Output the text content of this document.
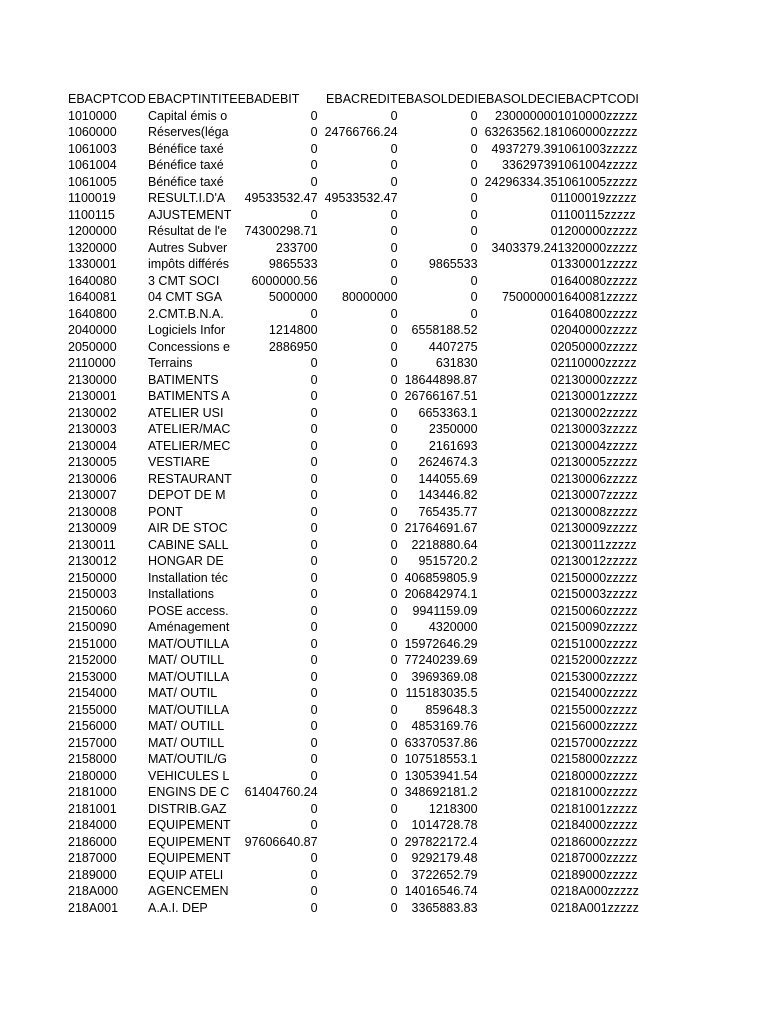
EBACPTCOD	EBACPTINTITE	EBADEBIT	EBACREDIT	EBASOLDEDI	EBASOLDECI	EBACPTCODI
1010000	Capital émis o	0	0	0	230000000	1010000zzzzz
1060000	Réserves(léga	0	24766766.24	0	63263562.18	1060000zzzzz
1061003	Bénéfice taxé	0	0	0	4937279.39	1061003zzzzz
1061004	Bénéfice taxé	0	0	0	33629739	1061004zzzzz
1061005	Bénéfice taxé	0	0	0	24296334.35	1061005zzzzz
1100019	RESULT.I.D'A	49533532.47	49533532.47	0	0	1100019zzzzz
1100115	AJUSTEMENT	0	0	0	0	1100115zzzzz
1200000	Résultat de l'e	74300298.71	0	0	0	1200000zzzzz
1320000	Autres Subver	233700	0	0	3403379.24	1320000zzzzz
1330001	impôts différés	9865533	0	9865533	0	1330001zzzzz
1640080	3 CMT SOCI	6000000.56	0	0	0	1640080zzzzz
1640081	04 CMT SGA	5000000	80000000	0	75000000	1640081zzzzz
1640800	2.CMT.B.N.A.	0	0	0	0	1640800zzzzz
2040000	Logiciels Infor	1214800	0	6558188.52	0	2040000zzzzz
2050000	Concessions e	2886950	0	4407275	0	2050000zzzzz
2110000	Terrains	0	0	631830	0	2110000zzzzz
2130000	BATIMENTS	0	0	18644898.87	0	2130000zzzzz
2130001	BATIMENTS A	0	0	26766167.51	0	2130001zzzzz
2130002	ATELIER USI	0	0	6653363.1	0	2130002zzzzz
2130003	ATELIER/MAC	0	0	2350000	0	2130003zzzzz
2130004	ATELIER/MEC	0	0	2161693	0	2130004zzzzz
2130005	VESTIARE	0	0	2624674.3	0	2130005zzzzz
2130006	RESTAURANT	0	0	144055.69	0	2130006zzzzz
2130007	DEPOT DE M	0	0	143446.82	0	2130007zzzzz
2130008	PONT	0	0	765435.77	0	2130008zzzzz
2130009	AIR DE STOC	0	0	21764691.67	0	2130009zzzzz
2130011	CABINE SALL	0	0	2218880.64	0	2130011zzzzz
2130012	HONGAR DE	0	0	9515720.2	0	2130012zzzzz
2150000	Installation téc	0	0	406859805.9	0	2150000zzzzz
2150003	Installations	0	0	206842974.1	0	2150003zzzzz
2150060	POSE access.	0	0	9941159.09	0	2150060zzzzz
2150090	Aménagement	0	0	4320000	0	2150090zzzzz
2151000	MAT/OUTILLA	0	0	15972646.29	0	2151000zzzzz
2152000	MAT/ OUTILL	0	0	77240239.69	0	2152000zzzzz
2153000	MAT/OUTILLA	0	0	3969369.08	0	2153000zzzzz
2154000	MAT/ OUTIL	0	0	115183035.5	0	2154000zzzzz
2155000	MAT/OUTILLA	0	0	859648.3	0	2155000zzzzz
2156000	MAT/ OUTILL	0	0	4853169.76	0	2156000zzzzz
2157000	MAT/ OUTILL	0	0	63370537.86	0	2157000zzzzz
2158000	MAT/OUTIL/G	0	0	107518553.1	0	2158000zzzzz
2180000	VEHICULES L	0	0	13053941.54	0	2180000zzzzz
2181000	ENGINS DE C	61404760.24	0	348692181.2	0	2181000zzzzz
2181001	DISTRIB.GAZ	0	0	1218300	0	2181001zzzzz
2184000	EQUIPEMENT	0	0	1014728.78	0	2184000zzzzz
2186000	EQUIPEMENT	97606640.87	0	297822172.4	0	2186000zzzzz
2187000	EQUIPEMENT	0	0	9292179.48	0	2187000zzzzz
2189000	EQUIP ATELI	0	0	3722652.79	0	2189000zzzzz
218A000	AGENCEMEN	0	0	14016546.74	0	218A000zzzzz
218A001	A.A.I. DEP	0	0	3365883.83	0	218A001zzzzz
